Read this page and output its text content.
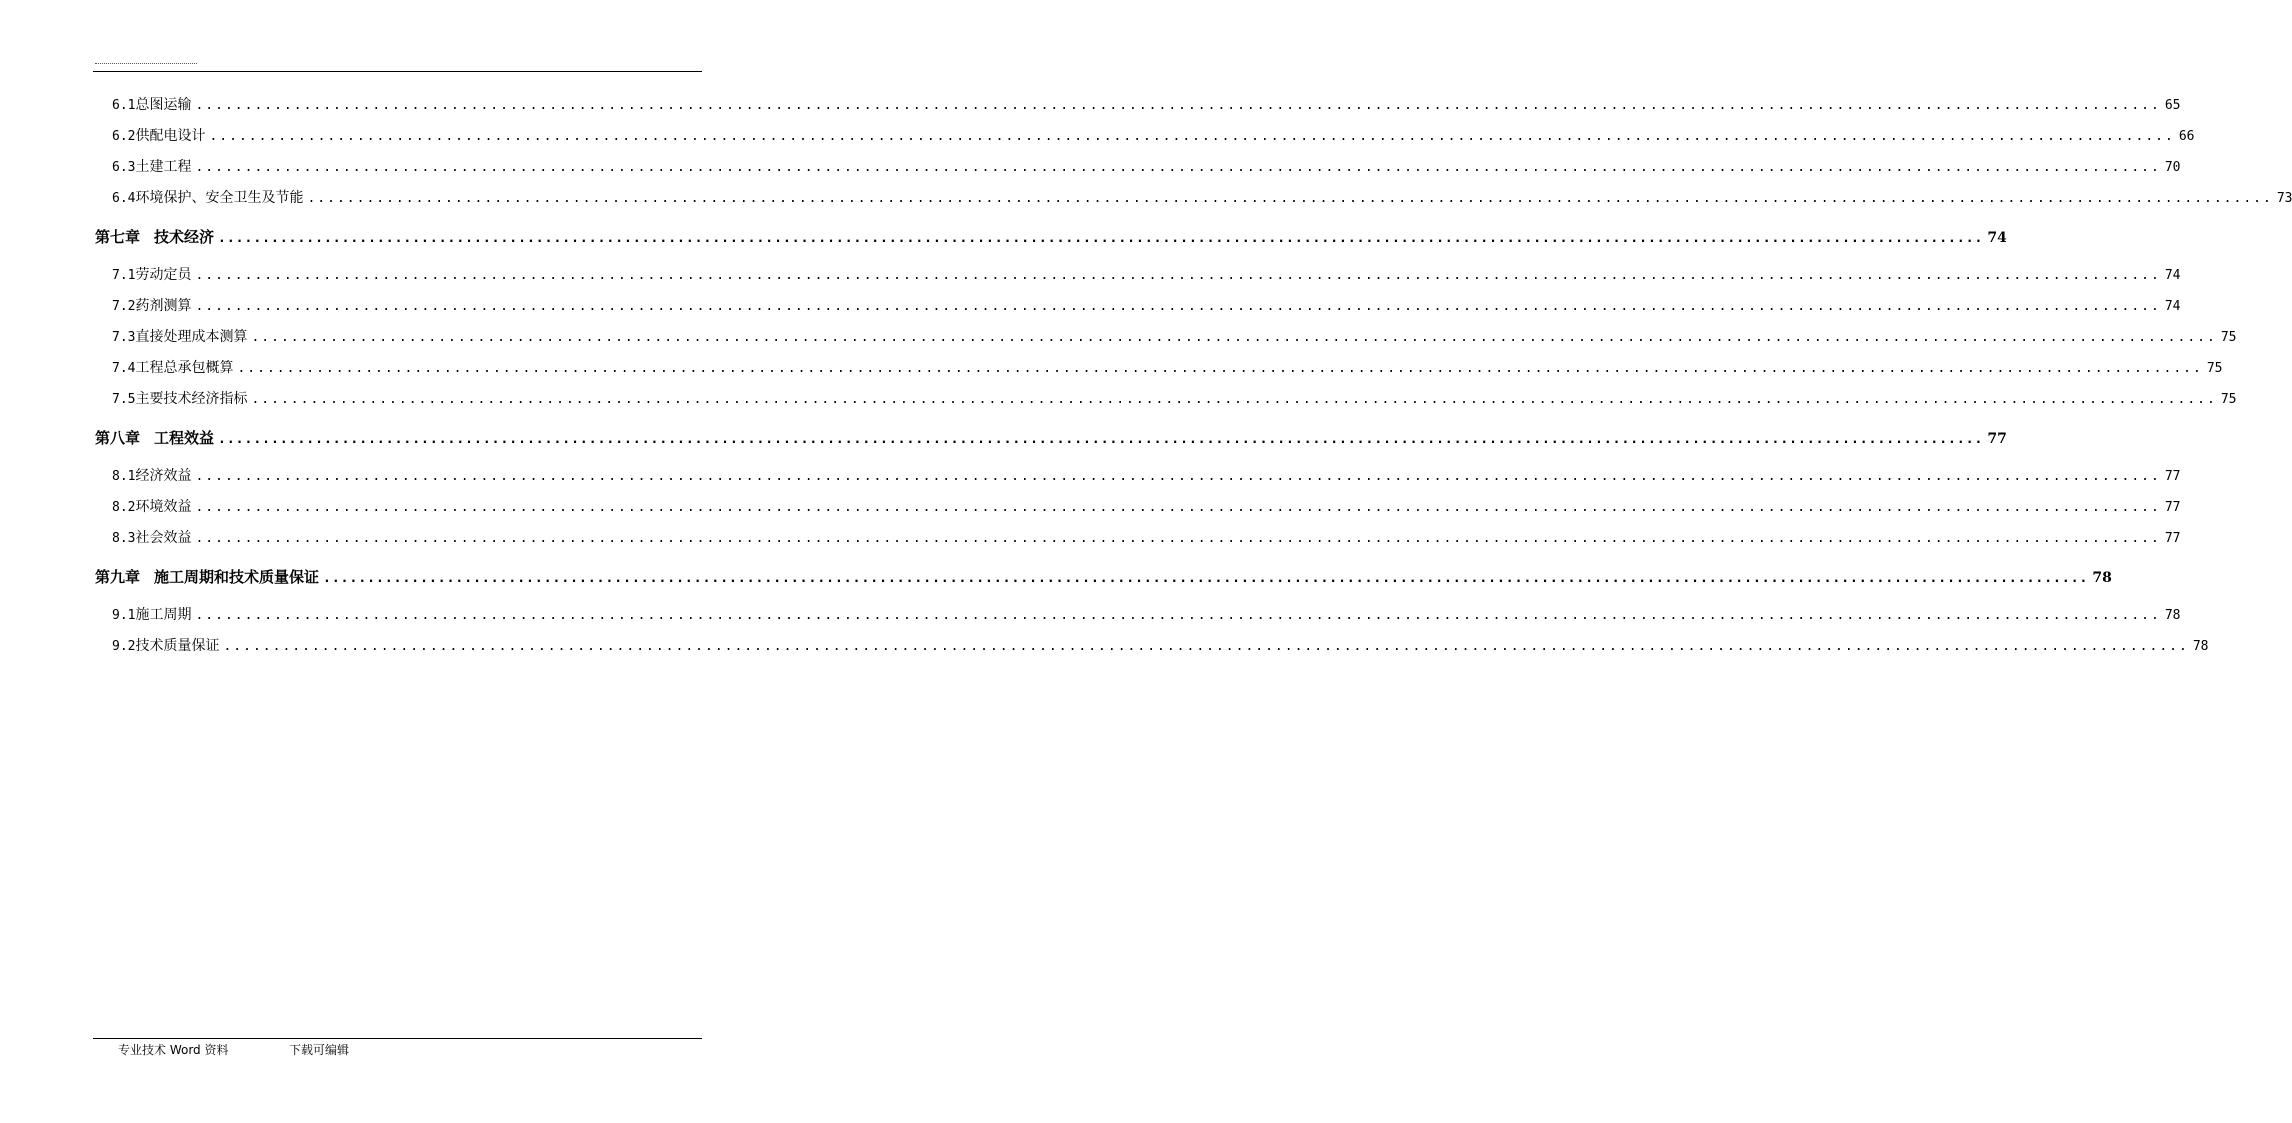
6.1总图运输 ........................................................................................................................................................................................................ 65
6.2供配电设计 ........................................................................................................................................................................................................ 66
6.3土建工程 ........................................................................................................................................................................................................ 70
6.4环境保护、安全卫生及节能 ........................................................................................................................................................................................................ 73
第七章 技术经济 ........................................................................................................................................................................................................ 74
7.1劳动定员 ........................................................................................................................................................................................................ 74
7.2药剂测算 ........................................................................................................................................................................................................ 74
7.3直接处理成本测算 ........................................................................................................................................................................................................ 75
7.4工程总承包概算 ........................................................................................................................................................................................................ 75
7.5主要技术经济指标 ........................................................................................................................................................................................................ 75
第八章 工程效益 ........................................................................................................................................................................................................ 77
8.1经济效益 ........................................................................................................................................................................................................ 77
8.2环境效益 ........................................................................................................................................................................................................ 77
8.3社会效益 ........................................................................................................................................................................................................ 77
第九章 施工周期和技术质量保证 ........................................................................................................................................................................................................ 78
9.1施工周期 ........................................................................................................................................................................................................ 78
9.2技术质量保证 ........................................................................................................................................................................................................ 78
专业技术 Word 资料	下载可编辑
